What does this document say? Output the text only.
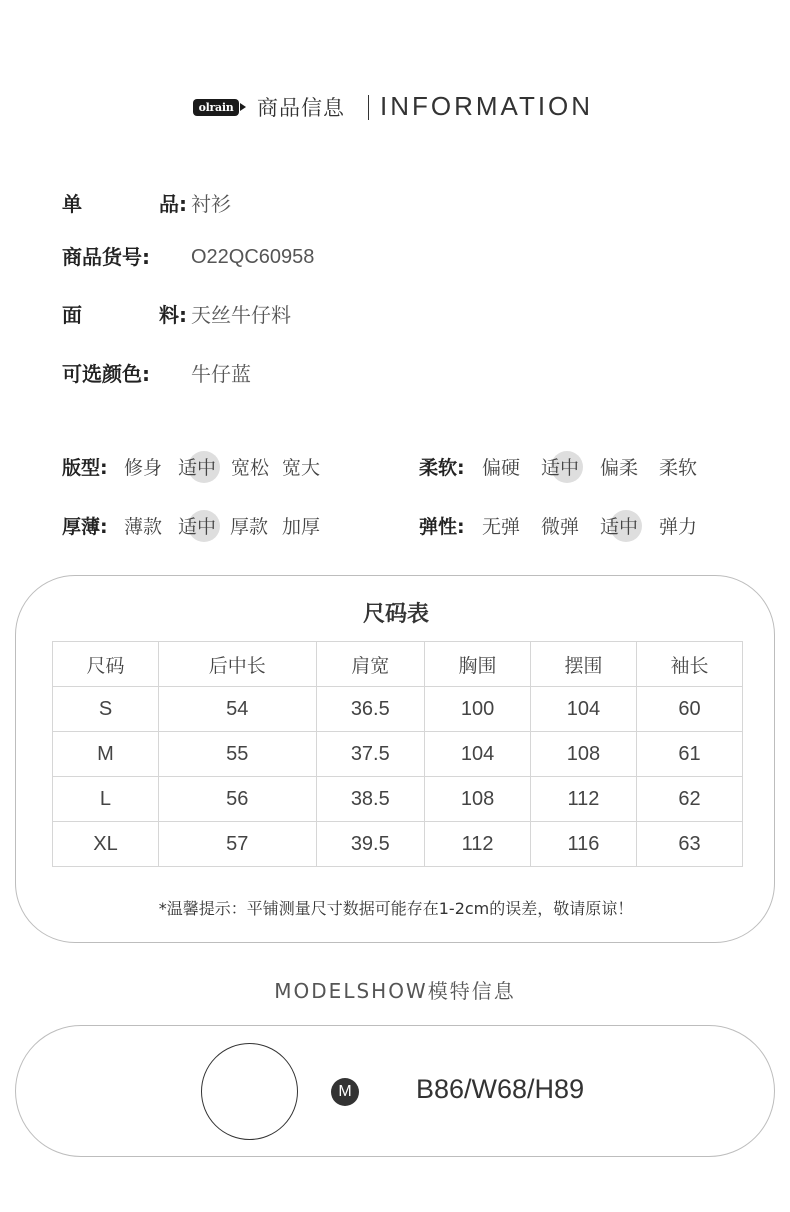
olrain 商品信息 INFORMATION
单	品: 衬衫
商品货号: O22QC60958
面	料: 天丝牛仔料
可选颜色: 牛仔蓝
版型: 修身 适中 宽松 宽大	柔软: 偏硬 适中 偏柔 柔软
厚薄: 薄款 适中 厚款 加厚	弹性: 无弹 微弹 适中 弹力
尺码表
尺码	后中长	肩宽	胸围	摆围	袖长
S	54	36.5	100	104	60
M	55	37.5	104	108	61
L	56	38.5	108	112	62
XL	57	39.5	112	116	63
*温馨提示：平铺测量尺寸数据可能存在1-2cm的误差，敬请原谅！
MODELSHOW模特信息
M B86/W68/H89
